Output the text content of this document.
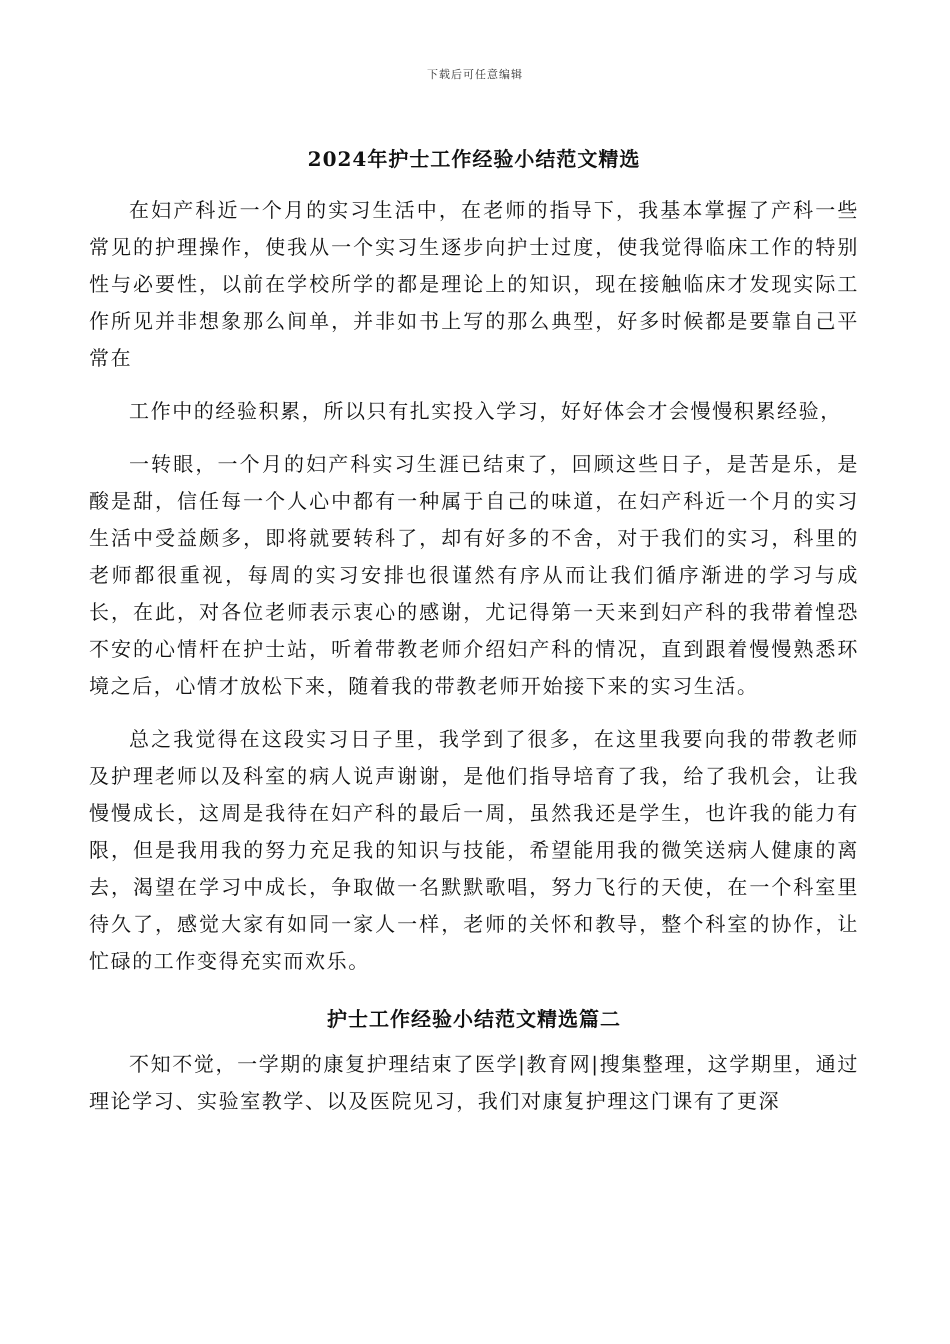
下载后可任意编辑
2024年护士工作经验小结范文精选

在妇产科近一个月的实习生活中，在老师的指导下，我基本掌握了产科一些常见的护理操作，使我从一个实习生逐步向护士过度，使我觉得临床工作的特别性与必要性，以前在学校所学的都是理论上的知识，现在接触临床才发现实际工作所见并非想象那么间单，并非如书上写的那么典型，好多时候都是要靠自己平常在

工作中的经验积累，所以只有扎实投入学习，好好体会才会慢慢积累经验，

一转眼，一个月的妇产科实习生涯已结束了，回顾这些日子，是苦是乐，是酸是甜，信任每一个人心中都有一种属于自己的味道，在妇产科近一个月的实习生活中受益颇多，即将就要转科了，却有好多的不舍，对于我们的实习，科里的老师都很重视，每周的实习安排也很谨然有序从而让我们循序渐进的学习与成长，在此，对各位老师表示衷心的感谢，尤记得第一天来到妇产科的我带着惶恐不安的心情杆在护士站，听着带教老师介绍妇产科的情况，直到跟着慢慢熟悉环境之后，心情才放松下来，随着我的带教老师开始接下来的实习生活。

总之我觉得在这段实习日子里，我学到了很多，在这里我要向我的带教老师及护理老师以及科室的病人说声谢谢，是他们指导培育了我，给了我机会，让我慢慢成长，这周是我待在妇产科的最后一周，虽然我还是学生，也许我的能力有限，但是我用我的努力充足我的知识与技能，希望能用我的微笑送病人健康的离去，渴望在学习中成长，争取做一名默默歌唱，努力飞行的天使，在一个科室里待久了，感觉大家有如同一家人一样，老师的关怀和教导，整个科室的协作，让忙碌的工作变得充实而欢乐。

护士工作经验小结范文精选篇二

不知不觉，一学期的康复护理结束了医学|教育网|搜集整理，这学期里，通过理论学习、实验室教学、以及医院见习，我们对康复护理这门课有了更深
